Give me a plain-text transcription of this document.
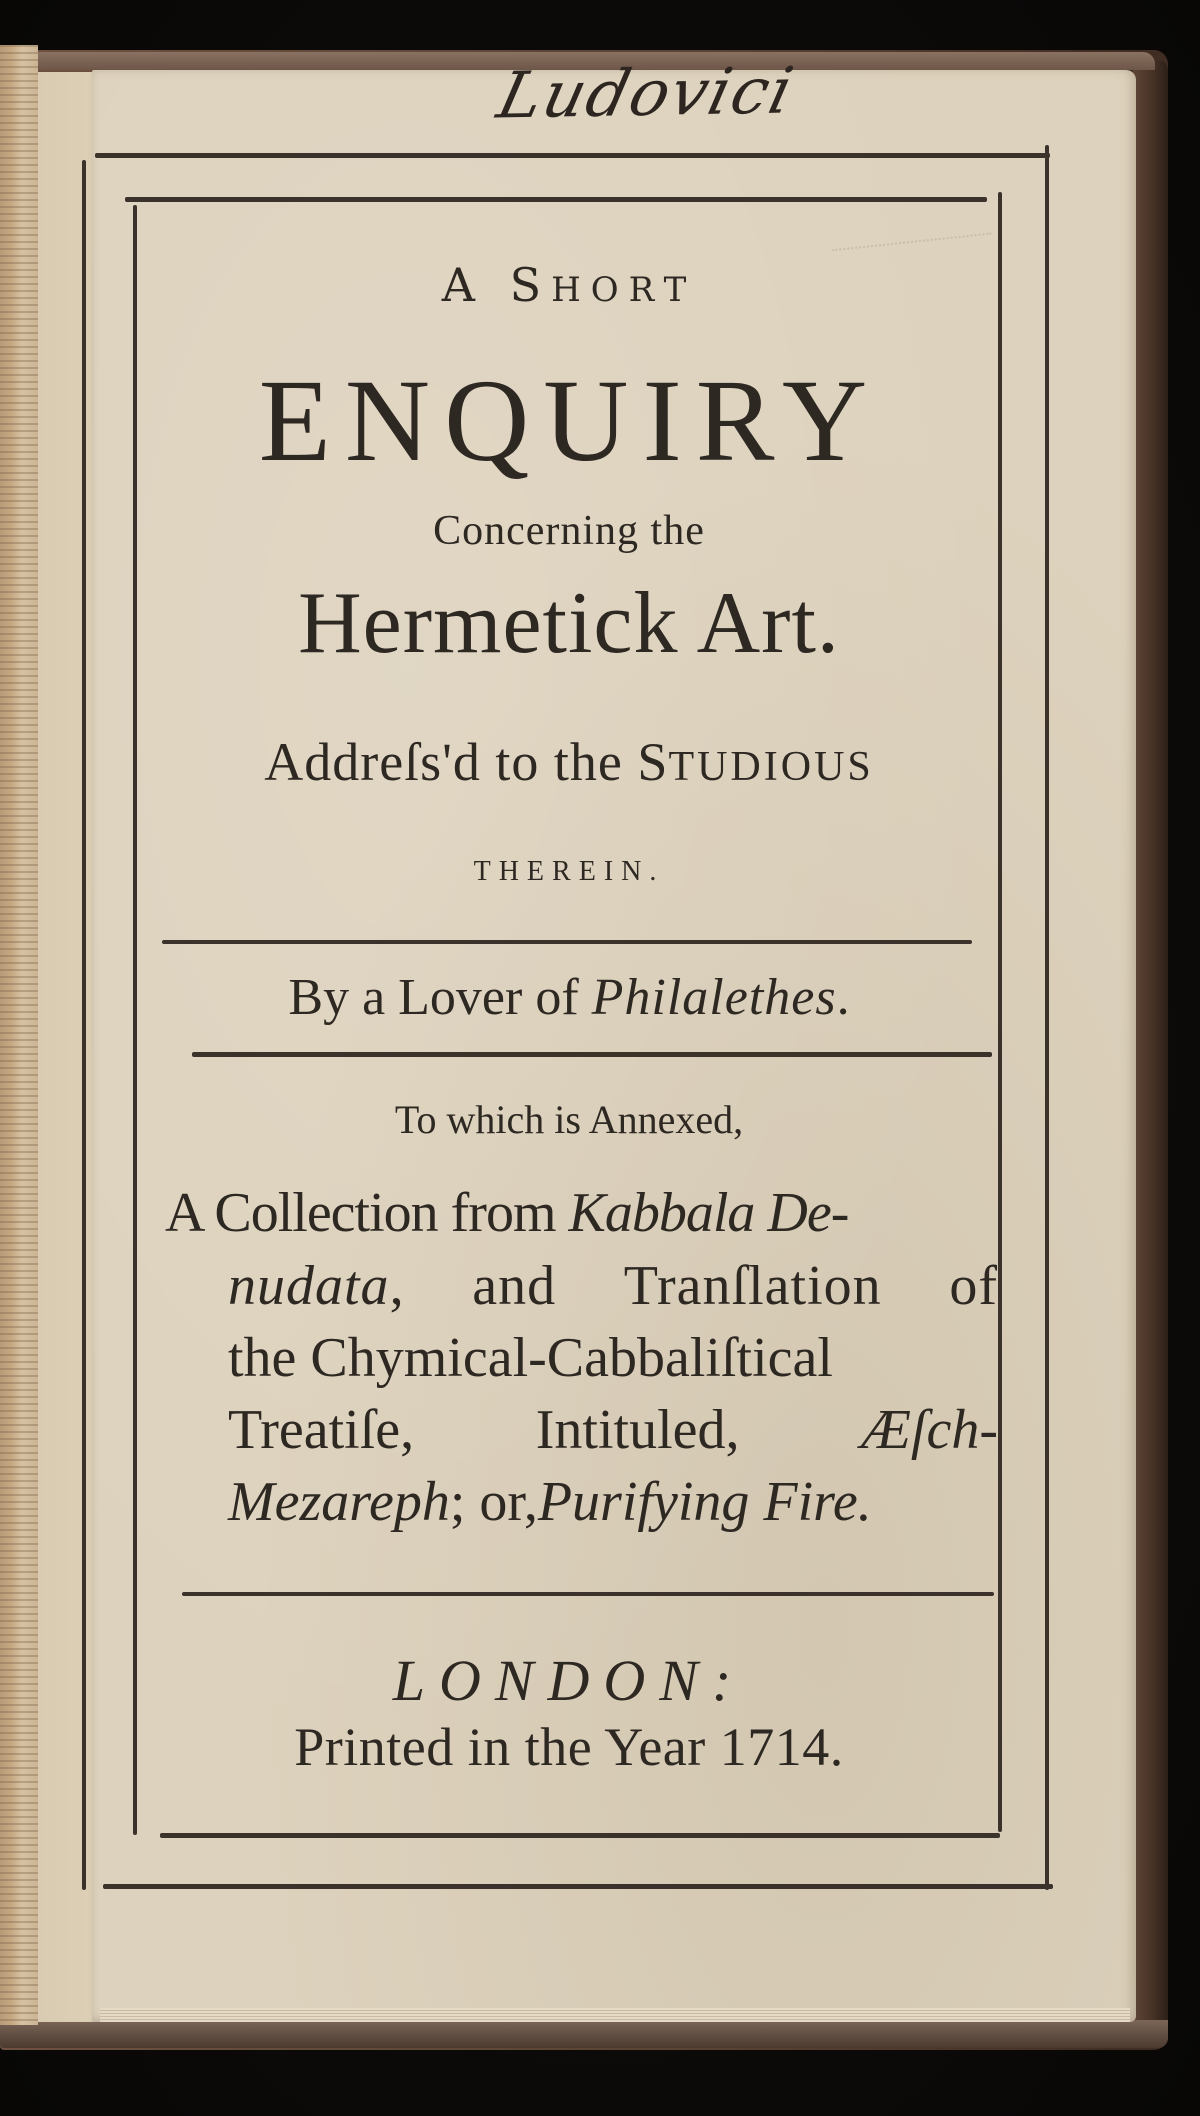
Ludovici
A SHORT
ENQUIRY
Concerning the
Hermetick Art.
Addreſs'd to the STUDIOUS
THEREIN.
By a Lover of Philalethes.
To which is Annexed,
A Collection from Kabbala De-
nudata, and Tranſlation of
the Chymical-Cabbaliſtical
Treatiſe, Intituled, Æſch-
Mezareph; or,Purifying Fire.
LONDON:
Printed in the Year 1714.
